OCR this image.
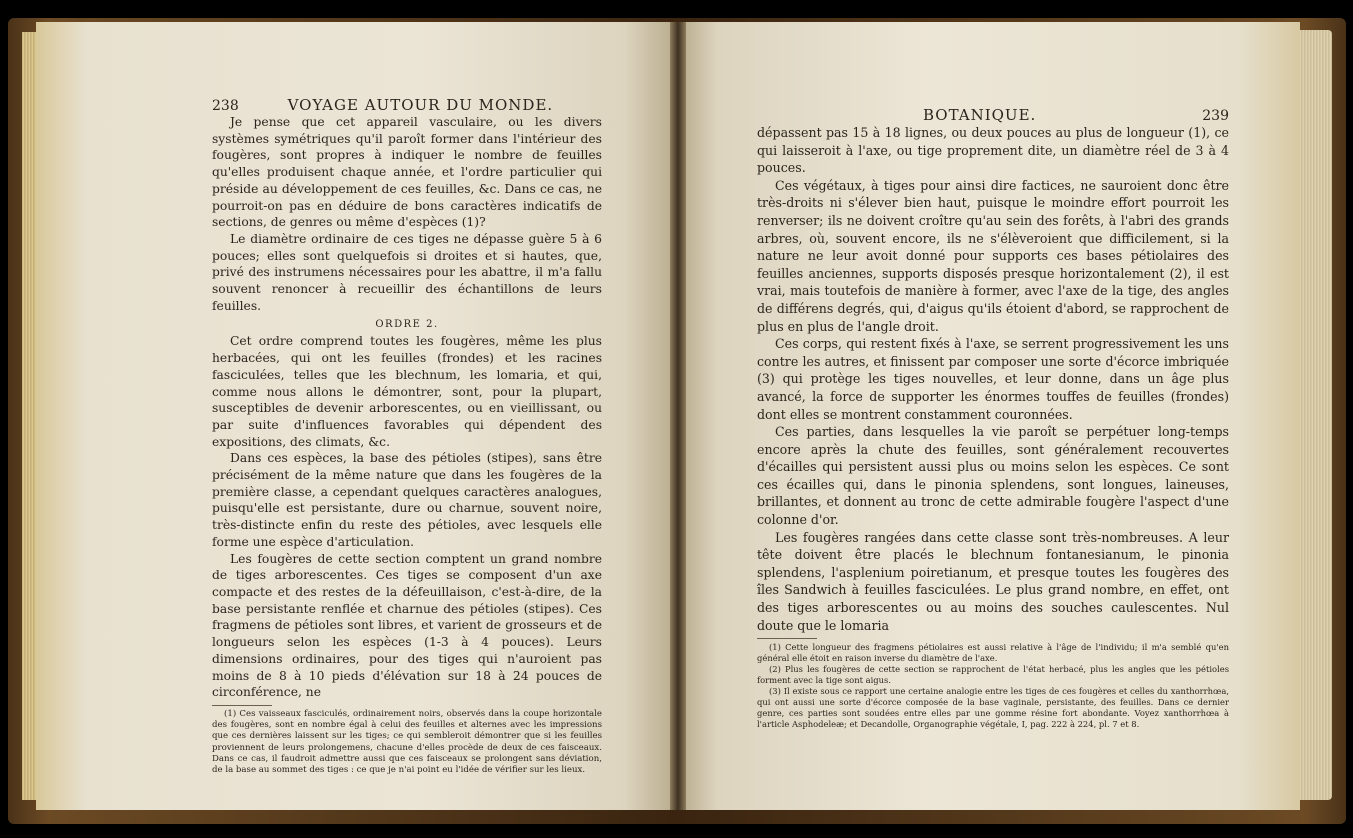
238	VOYAGE AUTOUR DU MONDE.

Je pense que cet appareil vasculaire, ou les divers systèmes symétriques qu'il paroît former dans l'intérieur des fougères, sont propres à indiquer le nombre de feuilles qu'elles produisent chaque année, et l'ordre particulier qui préside au développement de ces feuilles, &c. Dans ce cas, ne pourroit-on pas en déduire de bons caractères indicatifs de sections, de genres ou même d'espèces (1)?

Le diamètre ordinaire de ces tiges ne dépasse guère 5 à 6 pouces; elles sont quelquefois si droites et si hautes, que, privé des instrumens nécessaires pour les abattre, il m'a fallu souvent renoncer à recueillir des échantillons de leurs feuilles.

ORDRE 2.

Cet ordre comprend toutes les fougères, même les plus herbacées, qui ont les feuilles (frondes) et les racines fasciculées, telles que les blechnum, les lomaria, et qui, comme nous allons le démontrer, sont, pour la plupart, susceptibles de devenir arborescentes, ou en vieillissant, ou par suite d'influences favorables qui dépendent des expositions, des climats, &c.

Dans ces espèces, la base des pétioles (stipes), sans être précisément de la même nature que dans les fougères de la première classe, a cependant quelques caractères analogues, puisqu'elle est persistante, dure ou charnue, souvent noire, très-distincte enfin du reste des pétioles, avec lesquels elle forme une espèce d'articulation.

Les fougères de cette section comptent un grand nombre de tiges arborescentes. Ces tiges se composent d'un axe compacte et des restes de la défeuillaison, c'est-à-dire, de la base persistante renflée et charnue des pétioles (stipes). Ces fragmens de pétioles sont libres, et varient de grosseurs et de longueurs selon les espèces (1-3 à 4 pouces). Leurs dimensions ordinaires, pour des tiges qui n'auroient pas moins de 8 à 10 pieds d'élévation sur 18 à 24 pouces de circonférence, ne

(1) Ces vaisseaux fasciculés, ordinairement noirs, observés dans la coupe horizontale des fougères, sont en nombre égal à celui des feuilles et alternes avec les impressions que ces dernières laissent sur les tiges; ce qui sembleroit démontrer que si les feuilles proviennent de leurs prolongemens, chacune d'elles procède de deux de ces faisceaux. Dans ce cas, il faudroit admettre aussi que ces faisceaux se prolongent sans déviation, de la base au sommet des tiges : ce que je n'ai point eu l'idée de vérifier sur les lieux.

BOTANIQUE.	239

dépassent pas 15 à 18 lignes, ou deux pouces au plus de longueur (1), ce qui laisseroit à l'axe, ou tige proprement dite, un diamètre réel de 3 à 4 pouces.

Ces végétaux, à tiges pour ainsi dire factices, ne sauroient donc être très-droits ni s'élever bien haut, puisque le moindre effort pourroit les renverser; ils ne doivent croître qu'au sein des forêts, à l'abri des grands arbres, où, souvent encore, ils ne s'élèveroient que difficilement, si la nature ne leur avoit donné pour supports ces bases pétiolaires des feuilles anciennes, supports disposés presque horizontalement (2), il est vrai, mais toutefois de manière à former, avec l'axe de la tige, des angles de différens degrés, qui, d'aigus qu'ils étoient d'abord, se rapprochent de plus en plus de l'angle droit.

Ces corps, qui restent fixés à l'axe, se serrent progressivement les uns contre les autres, et finissent par composer une sorte d'écorce imbriquée (3) qui protège les tiges nouvelles, et leur donne, dans un âge plus avancé, la force de supporter les énormes touffes de feuilles (frondes) dont elles se montrent constamment couronnées.

Ces parties, dans lesquelles la vie paroît se perpétuer long-temps encore après la chute des feuilles, sont généralement recouvertes d'écailles qui persistent aussi plus ou moins selon les espèces. Ce sont ces écailles qui, dans le pinonia splendens, sont longues, laineuses, brillantes, et donnent au tronc de cette admirable fougère l'aspect d'une colonne d'or.

Les fougères rangées dans cette classe sont très-nombreuses. A leur tête doivent être placés le blechnum fontanesianum, le pinonia splendens, l'asplenium poiretianum, et presque toutes les fougères des îles Sandwich à feuilles fasciculées. Le plus grand nombre, en effet, ont des tiges arborescentes ou au moins des souches caulescentes. Nul doute que le lomaria

(1) Cette longueur des fragmens pétiolaires est aussi relative à l'âge de l'individu; il m'a semblé qu'en général elle étoit en raison inverse du diamètre de l'axe.

(2) Plus les fougères de cette section se rapprochent de l'état herbacé, plus les angles que les pétioles forment avec la tige sont aigus.

(3) Il existe sous ce rapport une certaine analogie entre les tiges de ces fougères et celles du xanthorrhœa, qui ont aussi une sorte d'écorce composée de la base vaginale, persistante, des feuilles. Dans ce dernier genre, ces parties sont soudées entre elles par une gomme résine fort abondante. Voyez xanthorrhœa à l'article Asphodeleæ; et Decandolle, Organographie végétale, I, pag. 222 à 224, pl. 7 et 8.
